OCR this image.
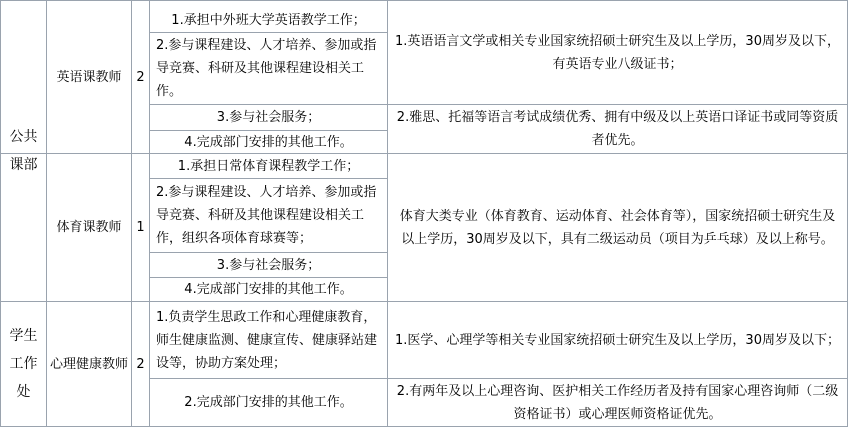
公共课部
学生工作处
英语课教师
体育课教师
心理健康教师
2
1
2
1.承担中外班大学英语教学工作；
2.参与课程建设、人才培养、参加或指导竞赛、科研及其他课程建设相关工作。
3.参与社会服务；
4.完成部门安排的其他工作。
1.承担日常体育课程教学工作；
2.参与课程建设、人才培养、参加或指导竞赛、科研及其他课程建设相关工作，组织各项体育球赛等；
3.参与社会服务；
4.完成部门安排的其他工作。
1.负责学生思政工作和心理健康教育，师生健康监测、健康宣传、健康驿站建设等，协助方案处理；
2.完成部门安排的其他工作。
1.英语语言文学或相关专业国家统招硕士研究生及以上学历，30周岁及以下，有英语专业八级证书；
2.雅思、托福等语言考试成绩优秀、拥有中级及以上英语口译证书或同等资质者优先。
体育大类专业（体育教育、运动体育、社会体育等），国家统招硕士研究生及以上学历，30周岁及以下，具有二级运动员（项目为乒乓球）及以上称号。
1.医学、心理学等相关专业国家统招硕士研究生及以上学历，30周岁及以下；
2.有两年及以上心理咨询、医护相关工作经历者及持有国家心理咨询师（二级资格证书）或心理医师资格证优先。
